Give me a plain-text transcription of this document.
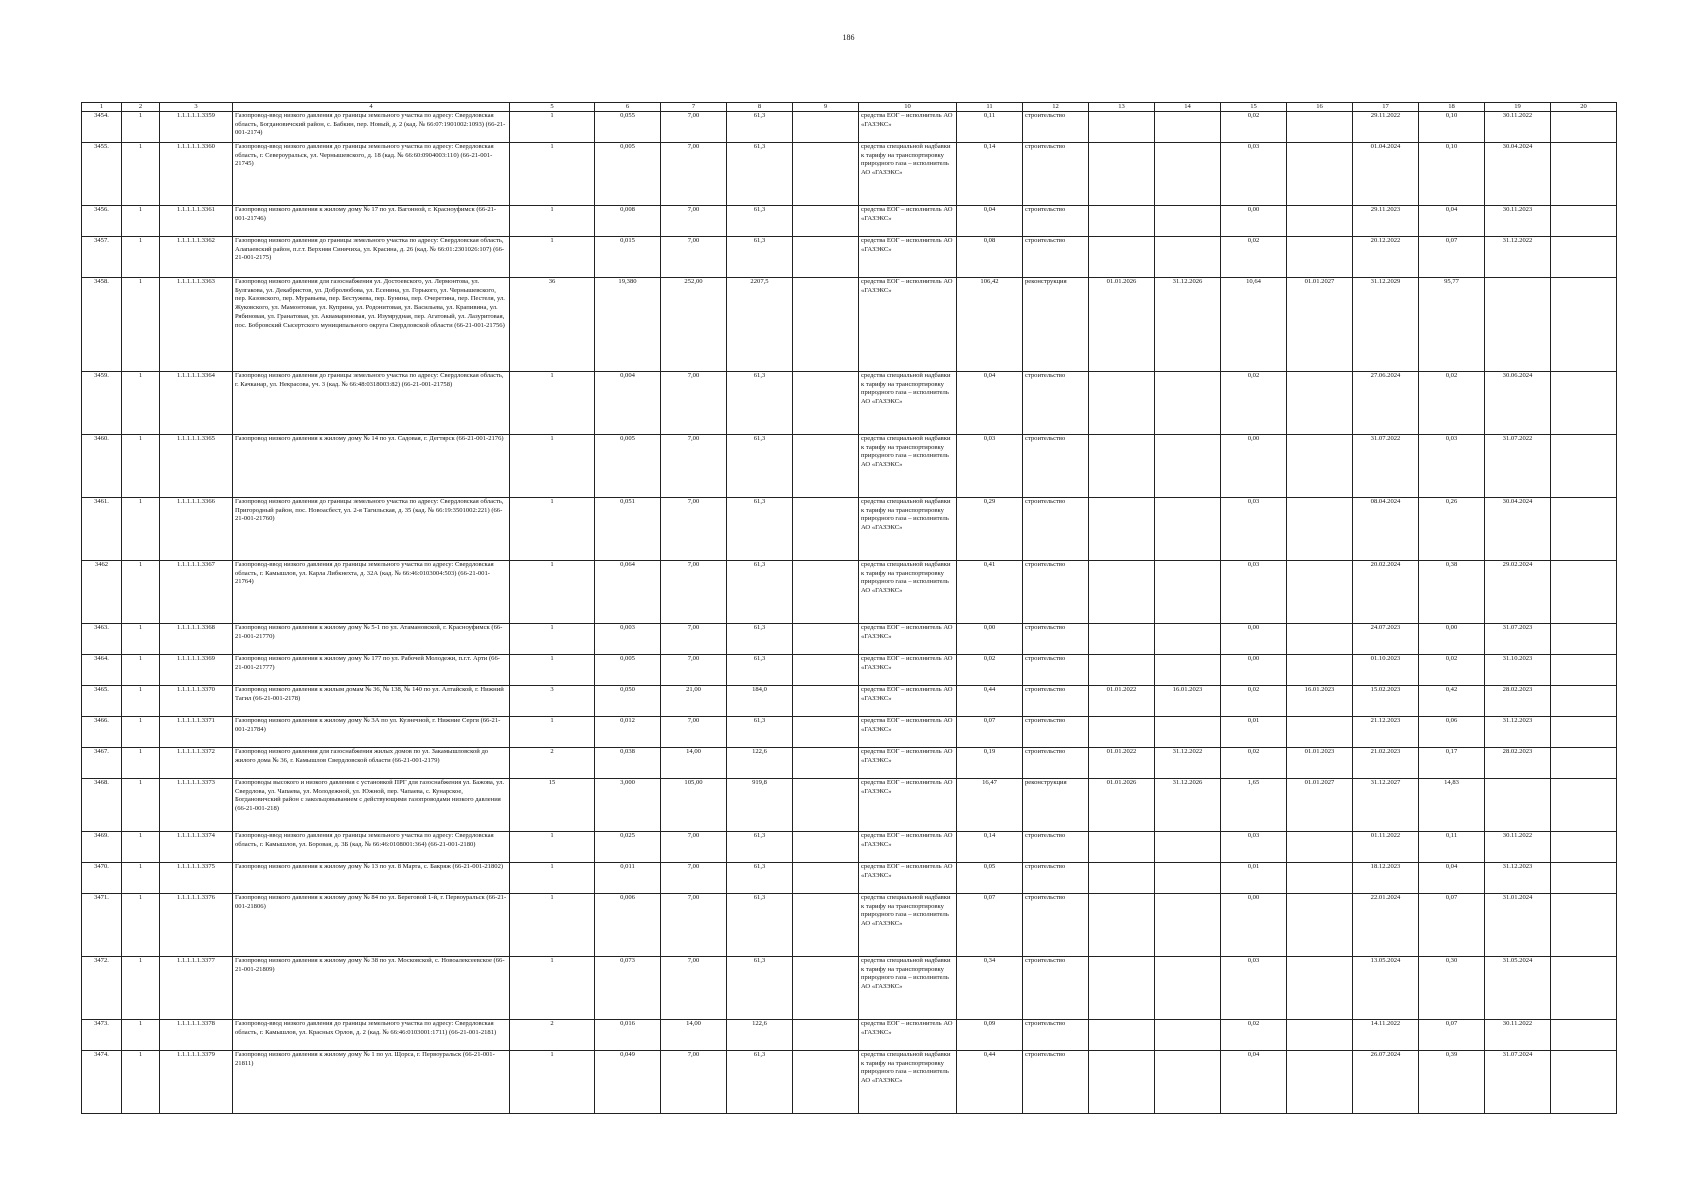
186
1	2	3	4	5	6	7	8	9	10	11	12	13	14	15	16	17	18	19	20
3454.	1	1.1.1.1.1.3359	Газопровод-ввод низкого давления до границы земельного участка по адресу: Свердловская область, Богдановичский район, с. Бабкин, пер. Новый, д. 2 (кад. № 66:07:1901002:1093) (66-21-001-2174)	1	0,055	7,00	61,3		средства ЕОГ – исполнитель АО «ГАЗЭКС»	0,11	строительство			0,02		29.11.2022	0,10	30.11.2022	
3455.	1	1.1.1.1.1.3360	Газопровод-ввод низкого давления до границы земельного участка по адресу: Свердловская область, г. Североуральск, ул. Чернышевского, д. 18 (кад. № 66:60:0904003:110) (66-21-001-21745)	1	0,005	7,00	61,3		средства специальной надбавки к тарифу на транспортировку природного газа – исполнитель АО «ГАЗЭКС»	0,14	строительство			0,03		01.04.2024	0,10	30.04.2024	
3456.	1	1.1.1.1.1.3361	Газопровод низкого давления к жилому дому № 17 по ул. Вагонной, г. Красноуфимск (66-21-001-21746)	1	0,008	7,00	61,3		средства ЕОГ – исполнитель АО «ГАЗЭКС»	0,04	строительство			0,00		29.11.2023	0,04	30.11.2023	
3457.	1	1.1.1.1.1.3362	Газопровод низкого давления до границы земельного участка по адресу: Свердловская область, Алапаевский район, п.г.т. Верхняя Синячиха, ул. Красина, д. 26 (кад. № 66:01:2301026:107) (66-21-001-2175)	1	0,015	7,00	61,3		средства ЕОГ – исполнитель АО «ГАЗЭКС»	0,08	строительство			0,02		20.12.2022	0,07	31.12.2022	
3458.	1	1.1.1.1.1.3363	Газопровод низкого давления для газоснабжения ул. Достоевского, ул. Лермонтова, ул. Булгакова, ул. Декабристов, ул. Добролюбова, ул. Есенина, ул. Горького, ул. Чернышевского, пер. Казовского, пер. Муравьева, пер. Бестужева, пер. Бунина, пер. Очеретина, пер. Пестеля, ул. Жуковского, ул. Мамонтовая, ул. Куприна, ул. Родонитовая, ул. Васильева, ул. Крапивина, ул. Рябиновая, ул. Гранатовая, ул. Аквамариновая, ул. Изумрудная, пер. Агатовый, ул. Лазуритовая, пос. Бобровский Сысертского муниципального округа Свердловской области (66-21-001-21756)	36	19,380	252,00	2207,5		средства ЕОГ – исполнитель АО «ГАЗЭКС»	106,42	реконструкция	01.01.2026	31.12.2026	10,64	01.01.2027	31.12.2029	95,77		
3459.	1	1.1.1.1.1.3364	Газопровод низкого давления до границы земельного участка по адресу: Свердловская область, г. Качканар, ул. Некрасова, уч. 3 (кад. № 66:48:0318003:82) (66-21-001-21758)	1	0,004	7,00	61,3		средства специальной надбавки к тарифу на транспортировку природного газа – исполнитель АО «ГАЗЭКС»	0,04	строительство			0,02		27.06.2024	0,02	30.06.2024	
3460.	1	1.1.1.1.1.3365	Газопровод низкого давления к жилому дому № 14 по ул. Садовая, г. Дегтярск (66-21-001-2176)	1	0,005	7,00	61,3		средства специальной надбавки к тарифу на транспортировку природного газа – исполнитель АО «ГАЗЭКС»	0,03	строительство			0,00		31.07.2022	0,03	31.07.2022	
3461.	1	1.1.1.1.1.3366	Газопровод низкого давления до границы земельного участка по адресу: Свердловская область, Пригородный район, пос. Новоасбест, ул. 2-я Тагильская, д. 35 (кад. № 66:19:3501002:221) (66-21-001-21760)	1	0,051	7,00	61,3		средства специальной надбавки к тарифу на транспортировку природного газа – исполнитель АО «ГАЗЭКС»	0,29	строительство			0,03		08.04.2024	0,26	30.04.2024	
3462	1	1.1.1.1.1.3367	Газопровод-ввод низкого давления до границы земельного участка по адресу: Свердловская область, г. Камышлов, ул. Карла Либкнехта, д. 32А (кад. № 66:46:0103004:503) (66-21-001-21764)	1	0,064	7,00	61,3		средства специальной надбавки к тарифу на транспортировку природного газа – исполнитель АО «ГАЗЭКС»	0,41	строительство			0,03		20.02.2024	0,38	29.02.2024	
3463.	1	1.1.1.1.1.3368	Газопровод низкого давления к жилому дому № 5-1 по ул. Атамановской, г. Красноуфимск (66-21-001-21770)	1	0,003	7,00	61,3		средства ЕОГ – исполнитель АО «ГАЗЭКС»	0,00	строительство			0,00		24.07.2023	0,00	31.07.2023	
3464.	1	1.1.1.1.1.3369	Газопровод низкого давления к жилому дому № 177 по ул. Рабочей Молодежи, п.г.т. Арти (66-21-001-21777)	1	0,005	7,00	61,3		средства ЕОГ – исполнитель АО «ГАЗЭКС»	0,02	строительство			0,00		01.10.2023	0,02	31.10.2023	
3465.	1	1.1.1.1.1.3370	Газопровод низкого давления к жилым домам № 36, № 138, № 140 по ул. Алтайской, г. Нижний Тагил (66-21-001-2178)	3	0,050	21,00	184,0		средства ЕОГ – исполнитель АО «ГАЗЭКС»	0,44	строительство	01.01.2022	16.01.2023	0,02	16.01.2023	15.02.2023	0,42	28.02.2023	
3466.	1	1.1.1.1.1.3371	Газопровод низкого давления к жилому дому № 3А по ул. Кузнечной, г. Нижние Серги (66-21-001-21784)	1	0,012	7,00	61,3		средства ЕОГ – исполнитель АО «ГАЗЭКС»	0,07	строительство			0,01		21.12.2023	0,06	31.12.2023	
3467.	1	1.1.1.1.1.3372	Газопровод низкого давления для газоснабжения жилых домов по ул. Закамышловской до жилого дома № 36, г. Камышлов Свердловской области (66-21-001-2179)	2	0,038	14,00	122,6		средства ЕОГ – исполнитель АО «ГАЗЭКС»	0,19	строительство	01.01.2022	31.12.2022	0,02	01.01.2023	21.02.2023	0,17	28.02.2023	
3468.	1	1.1.1.1.1.3373	Газопроводы высокого и низкого давления с установкой ПРГ для газоснабжения ул. Бажова, ул. Свердлова, ул. Чапаева, ул. Молодежной, ул. Южной, пер. Чапаева, с. Кунарское, Богдановичский район с закольцовыванием с действующими газопроводами низкого давления (66-21-001-218)	15	3,000	105,00	919,8		средства ЕОГ – исполнитель АО «ГАЗЭКС»	16,47	реконструкция	01.01.2026	31.12.2026	1,65	01.01.2027	31.12.2027	14,83		
3469.	1	1.1.1.1.1.3374	Газопровод-ввод низкого давления до границы земельного участка по адресу: Свердловская область, г. Камышлов, ул. Боровая, д. 3Б (кад. № 66:46:0108001:364) (66-21-001-2180)	1	0,025	7,00	61,3		средства ЕОГ – исполнитель АО «ГАЗЭКС»	0,14	строительство			0,03		01.11.2022	0,11	30.11.2022	
3470.	1	1.1.1.1.1.3375	Газопровод низкого давления к жилому дому № 13 по ул. 8 Марта, с. Бакряж (66-21-001-21802)	1	0,011	7,00	61,3		средства ЕОГ – исполнитель АО «ГАЗЭКС»	0,05	строительство			0,01		18.12.2023	0,04	31.12.2023	
3471.	1	1.1.1.1.1.3376	Газопровод низкого давления к жилому дому № 84 по ул. Береговой 1-й, г. Первоуральск (66-21-001-21806)	1	0,006	7,00	61,3		средства специальной надбавки к тарифу на транспортировку природного газа – исполнитель АО «ГАЗЭКС»	0,07	строительство			0,00		22.01.2024	0,07	31.01.2024	
3472.	1	1.1.1.1.1.3377	Газопровод низкого давления к жилому дому № 38 по ул. Московской, с. Новоалексеевское (66-21-001-21809)	1	0,073	7,00	61,3		средства специальной надбавки к тарифу на транспортировку природного газа – исполнитель АО «ГАЗЭКС»	0,34	строительство			0,03		13.05.2024	0,30	31.05.2024	
3473.	1	1.1.1.1.1.3378	Газопровод-ввод низкого давления до границы земельного участка по адресу: Свердловская область, г. Камышлов, ул. Красных Орлов, д. 2 (кад. № 66:46:0103001:1711) (66-21-001-2181)	2	0,016	14,00	122,6		средства ЕОГ – исполнитель АО «ГАЗЭКС»	0,09	строительство			0,02		14.11.2022	0,07	30.11.2022	
3474.	1	1.1.1.1.1.3379	Газопровод низкого давления к жилому дому № 1 по ул. Щорса, г. Первоуральск (66-21-001-21811)	1	0,049	7,00	61,3		средства специальной надбавки к тарифу на транспортировку природного газа – исполнитель АО «ГАЗЭКС»	0,44	строительство			0,04		26.07.2024	0,39	31.07.2024	
